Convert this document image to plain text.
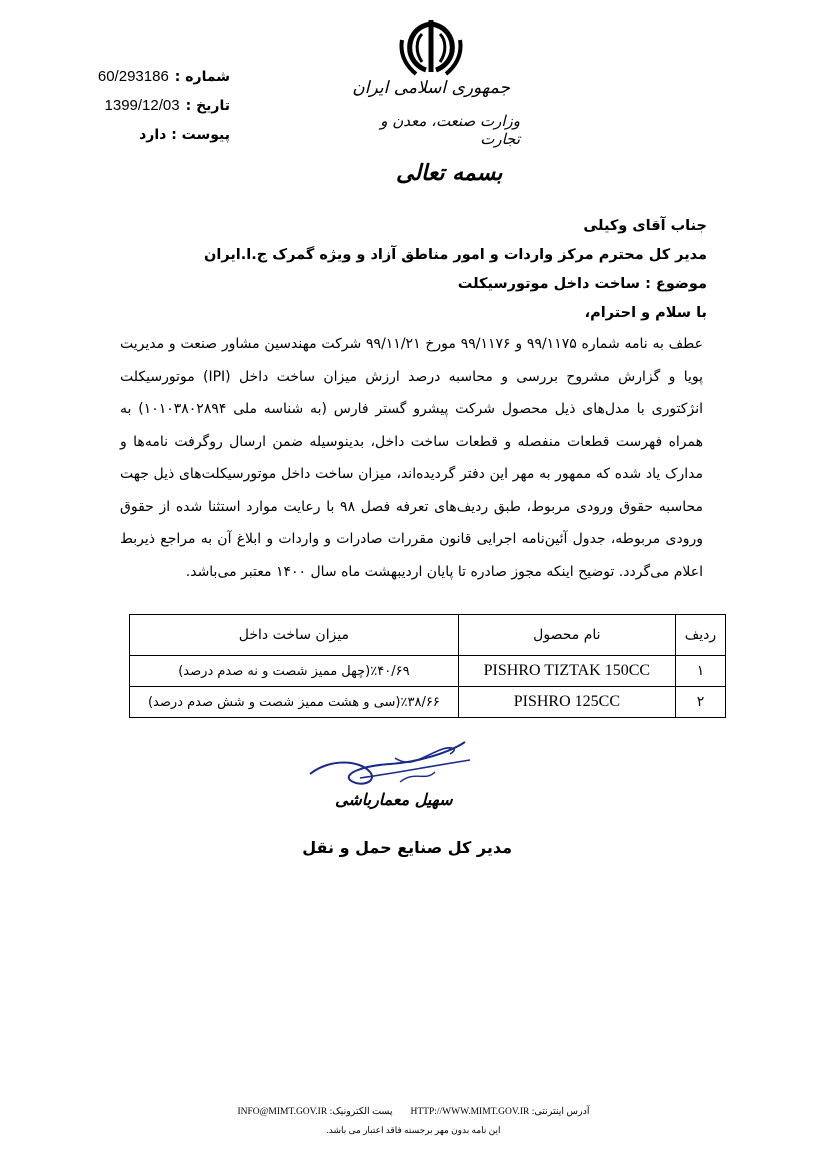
60/293186 شماره :
1399/12/03 تاریخ :
پیوست : دارد
جمهوری اسلامی ایران
وزارت صنعت، معدن و تجارت
بسمه تعالی
جناب آقای وکیلی
مدیر کل محترم مرکز واردات و امور مناطق آزاد و ویژه گمرک ج.ا.ایران
موضوع : ساخت داخل موتورسیکلت
با سلام و احترام،
عطف به نامه شماره ۹۹/۱۱۷۵ و ۹۹/۱۱۷۶ مورخ ۹۹/۱۱/۲۱ شرکت مهندسین مشاور صنعت و مدیریت پویا و گزارش مشروح بررسی و محاسبه درصد ارزش میزان ساخت داخل (IPI) موتورسیکلت انژکتوری با مدل‌های ذیل محصول شرکت پیشرو گستر فارس (به شناسه ملی ۱۰۱۰۳۸۰۲۸۹۴) به همراه فهرست قطعات منفصله و قطعات ساخت داخل، بدینوسیله ضمن ارسال روگرفت نامه‌ها و مدارک یاد شده که ممهور به مهر این دفتر گردیده‌اند، میزان ساخت داخل موتورسیکلت‌های ذیل جهت محاسبه حقوق ورودی مربوط، طبق ردیف‌های تعرفه فصل ۹۸ با رعایت موارد استثنا شده از حقوق ورودی مربوطه، جدول آئین‌نامه اجرایی قانون مقررات صادرات و واردات و ابلاغ آن به مراجع ذیربط اعلام می‌گردد. توضیح اینکه مجوز صادره تا پایان اردیبهشت ماه سال ۱۴۰۰ معتبر می‌باشد.
ردیف	نام محصول	میزان ساخت داخل
۱	PISHRO TIZTAK 150CC	٪۴۰/۶۹(چهل ممیز شصت و نه صدم درصد)
۲	PISHRO 125CC	٪۳۸/۶۶(سی و هشت ممیز شصت و شش صدم درصد)
سهیل معمارباشی
مدیر کل صنایع حمل و نقل
INFO@MIMT.GOV.IR پست الکترونیک: HTTP://WWW.MIMT.GOV.IR آدرس اینترنتی:
این نامه بدون مهر برجسته فاقد اعتبار می باشد.
